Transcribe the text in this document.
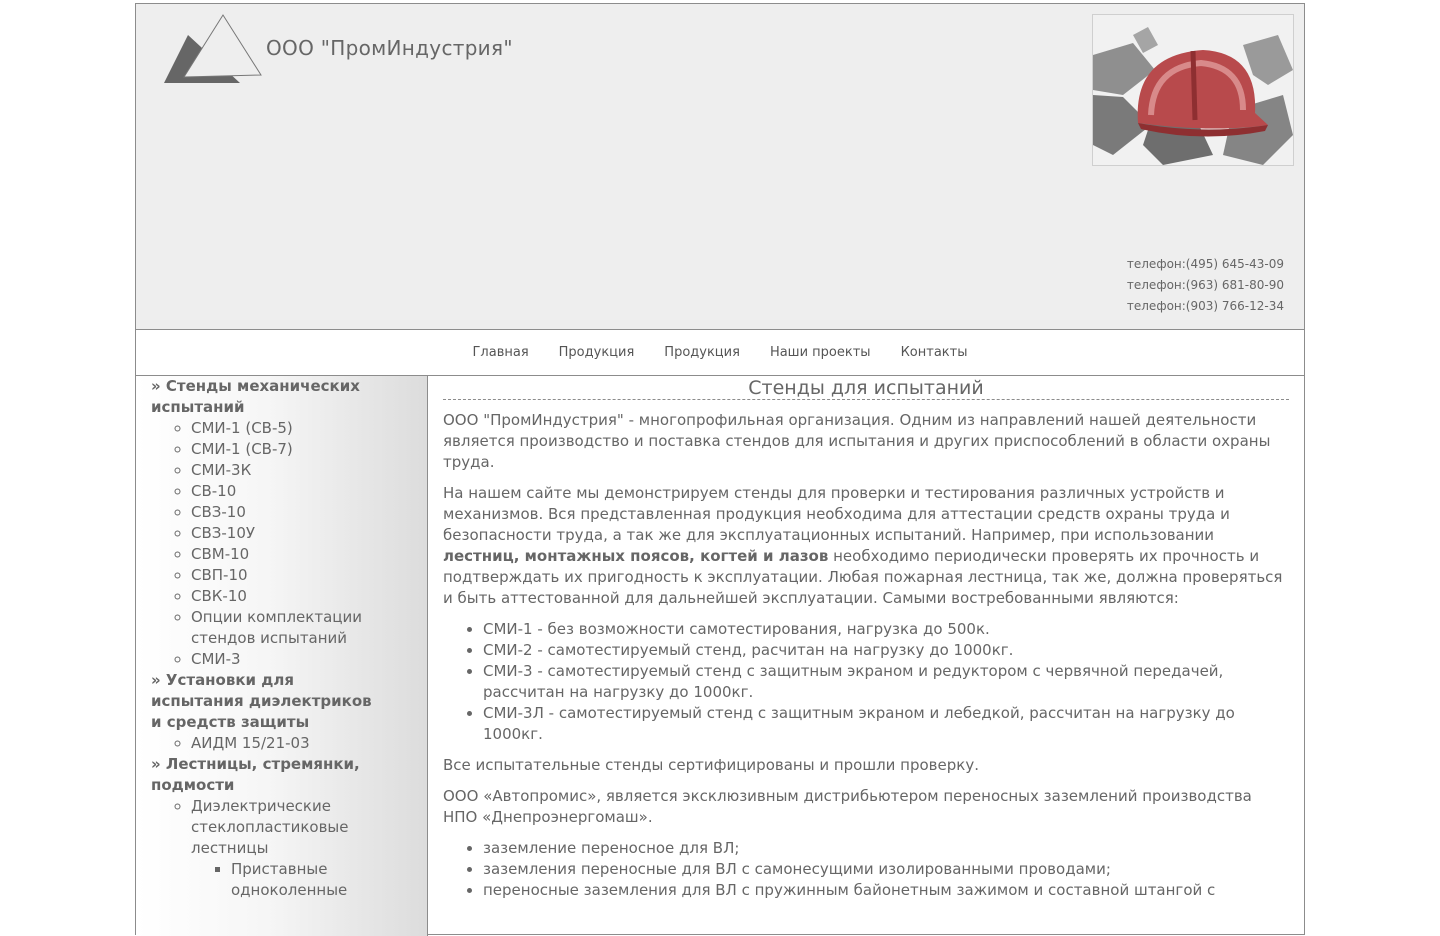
ООО "ПромИндустрия"
телефон:(495) 645-43-09
телефон:(963) 681-80-90
телефон:(903) 766-12-34
Главная Продукция Продукция Наши проекты Контакты
» Стенды механических испытаний
◦ СМИ-1 (СВ-5)
◦ СМИ-1 (СВ-7)
◦ СМИ-3К
◦ СВ-10
◦ СВЗ-10
◦ СВЗ-10У
◦ СВМ-10
◦ СВП-10
◦ СВК-10
◦ Опции комплектации стендов испытаний
◦ СМИ-3
» Установки для испытания диэлектриков и средств защиты
◦ АИДМ 15/21-03
» Лестницы, стремянки, подмости
◦ Диэлектрические стеклопластиковые лестницы
▪ Приставные одноколенные
Стенды для испытаний

ООО "ПромИндустрия" - многопрофильная организация. Одним из направлений нашей деятельности является производство и поставка стендов для испытания и других приспособлений в области охраны труда.

На нашем сайте мы демонстрируем стенды для проверки и тестирования различных устройств и механизмов. Вся представленная продукция необходима для аттестации средств охраны труда и безопасности труда, а так же для эксплуатационных испытаний. Например, при использовании лестниц, монтажных поясов, когтей и лазов необходимо периодически проверять их прочность и подтверждать их пригодность к эксплуатации. Любая пожарная лестница, так же, должна проверяться и быть аттестованной для дальнейшей эксплуатации. Самыми востребованными являются:

• СМИ-1 - без возможности самотестирования, нагрузка до 500к.
• СМИ-2 - самотестируемый стенд, расчитан на нагрузку до 1000кг.
• СМИ-3 - самотестируемый стенд с защитным экраном и редуктором с червячной передачей, рассчитан на нагрузку до 1000кг.
• СМИ-3Л - самотестируемый стенд с защитным экраном и лебедкой, рассчитан на нагрузку до 1000кг.

Все испытательные стенды сертифицированы и прошли проверку.

ООО «Автопромис», является эксклюзивным дистрибьютером переносных заземлений производства НПО «Днепроэнергомаш».

• заземление переносное для ВЛ;
• заземления переносные для ВЛ с самонесущими изолированными проводами;
• переносные заземления для ВЛ с пружинным байонетным зажимом и составной штангой с
